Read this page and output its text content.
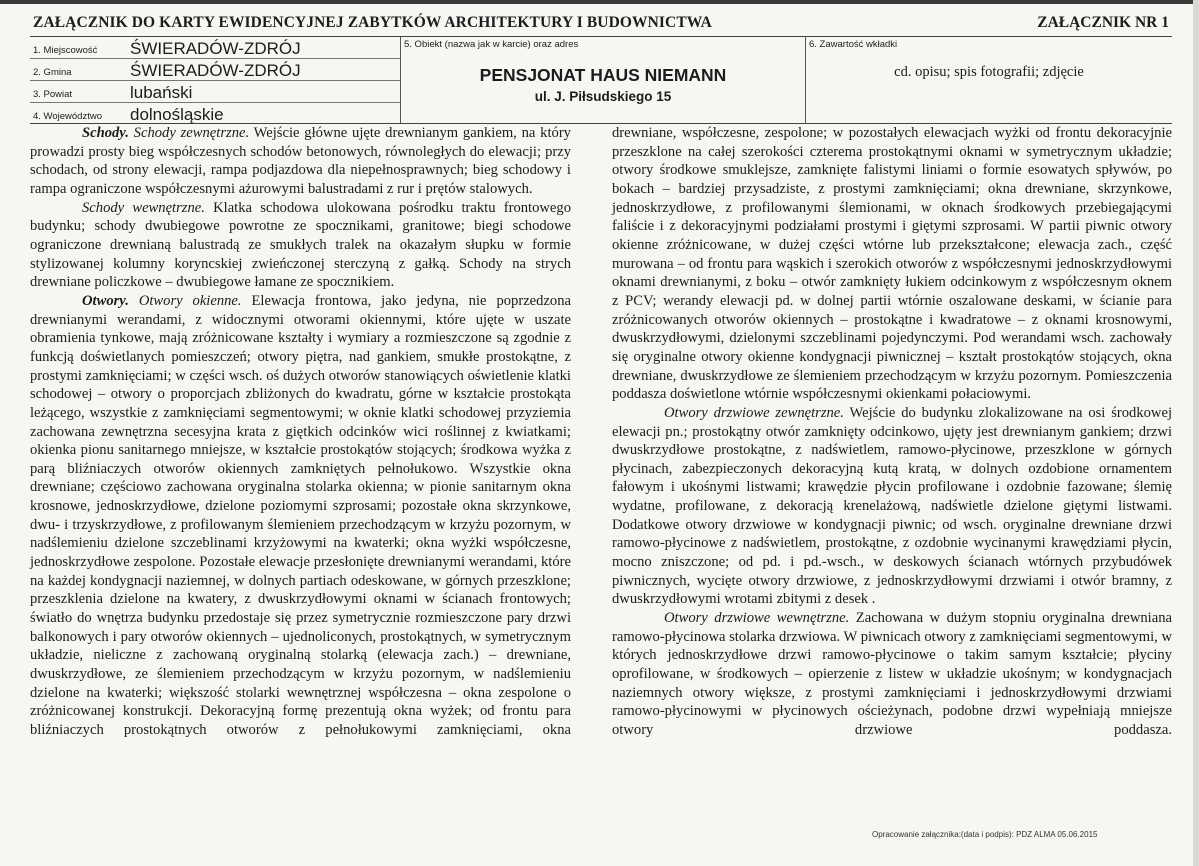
ZAŁĄCZNIK DO KARTY EWIDENCYJNEJ ZABYTKÓW ARCHITEKTURY I BUDOWNICTWA	ZAŁĄCZNIK NR 1
1. Miejscowość	ŚWIERADÓW-ZDRÓJ
2. Gmina	ŚWIERADÓW-ZDRÓJ
3. Powiat	lubański
4. Województwo	dolnośląskie
5. Obiekt (nazwa jak w karcie) oraz adres
PENSJONAT HAUS NIEMANN
ul. J. Piłsudskiego 15
6. Zawartość wkładki
cd. opisu; spis fotografii; zdjęcie

Schody. Schody zewnętrzne. Wejście główne ujęte drewnianym gankiem, na który prowadzi prosty bieg współczesnych schodów betonowych, równoległych do elewacji; przy schodach, od strony elewacji, rampa podjazdowa dla niepełnosprawnych; bieg schodowy i rampa ograniczone współczesnymi ażurowymi balustradami z rur i prętów stalowych.

Schody wewnętrzne. Klatka schodowa ulokowana pośrodku traktu frontowego budynku; schody dwubiegowe powrotne ze spocznikami, granitowe; biegi schodowe ograniczone drewnianą balustradą ze smukłych tralek na okazałym słupku w formie stylizowanej kolumny koryncskiej zwieńczonej sterczyną z gałką. Schody na strych drewniane policzkowe – dwubiegowe łamane ze spocznikiem.

Otwory. Otwory okienne. Elewacja frontowa, jako jedyna, nie poprzedzona drewnianymi werandami, z widocznymi otworami okiennymi, które ujęte w uszate obramienia tynkowe, mają zróżnicowane kształty i wymiary a rozmieszczone są zgodnie z funkcją doświetlanych pomieszczeń; otwory piętra, nad gankiem, smukłe prostokątne, z prostymi zamknięciami; w części wsch. oś dużych otworów stanowiących oświetlenie klatki schodowej – otwory o proporcjach zbliżonych do kwadratu, górne w kształcie prostokąta leżącego, wszystkie z zamknięciami segmentowymi; w oknie klatki schodowej przyziemia zachowana zewnętrzna secesyjna krata z giętkich odcinków wici roślinnej z kwiatkami; okienka pionu sanitarnego mniejsze, w kształcie prostokątów stojących; środkowa wyżka z parą bliźniaczych otworów okiennych zamkniętych pełnołukowo. Wszystkie okna drewniane; częściowo zachowana oryginalna stolarka okienna; w pionie sanitarnym okna krosnowe, jednoskrzydłowe, dzielone poziomymi szprosami; pozostałe okna skrzynkowe, dwu- i trzyskrzydłowe, z profilowanym ślemieniem przechodzącym w krzyżu pozornym, w nadślemieniu dzielone szczeblinami krzyżowymi na kwaterki; okna wyżki współczesne, jednoskrzydłowe zespolone. Pozostałe elewacje przesłonięte drewnianymi werandami, które na każdej kondygnacji naziemnej, w dolnych partiach odeskowane, w górnych przeszklone; przeszklenia dzielone na kwatery, z dwuskrzydłowymi oknami w ścianach frontowych; światło do wnętrza budynku przedostaje się przez symetrycznie rozmieszczone pary drzwi balkonowych i pary otworów okiennych – ujednoliconych, prostokątnych, w symetrycznym układzie, nieliczne z zachowaną oryginalną stolarką (elewacja zach.) – drewniane, dwuskrzydłowe, ze ślemieniem przechodzącym w krzyżu pozornym, w nadślemieniu dzielone na kwaterki; większość stolarki wewnętrznej współczesna – okna zespolone o zróżnicowanej konstrukcji. Dekoracyjną formę prezentują okna wyżek; od frontu para bliźniaczych prostokątnych otworów z pełnołukowymi zamknięciami, okna

drewniane, współczesne, zespolone; w pozostałych elewacjach wyżki od frontu dekoracyjnie przeszklone na całej szerokości czterema prostokątnymi oknami w symetrycznym układzie; otwory środkowe smuklejsze, zamknięte falistymi liniami o formie esowatych spływów, po bokach – bardziej przysadziste, z prostymi zamknięciami; okna drewniane, skrzynkowe, jednoskrzydłowe, z profilowanymi ślemionami, w oknach środkowych przebiegającymi faliście i z dekoracyjnymi podziałami prostymi i giętymi szprosami. W partii piwnic otwory okienne zróżnicowane, w dużej części wtórne lub przekształcone; elewacja zach., część murowana – od frontu para wąskich i szerokich otworów z współczesnymi jednoskrzydłowymi oknami drewnianymi, z boku – otwór zamknięty łukiem odcinkowym z współczesnym oknem z PCV; werandy elewacji pd. w dolnej partii wtórnie oszalowane deskami, w ścianie para zróżnicowanych otworów okiennych – prostokątne i kwadratowe – z oknami krosnowymi, dwuskrzydłowymi, dzielonymi szczeblinami pojedynczymi. Pod werandami wsch. zachowały się oryginalne otwory okienne kondygnacji piwnicznej – kształt prostokątów stojących, okna drewniane, dwuskrzydłowe ze ślemieniem przechodzącym w krzyżu pozornym. Pomieszczenia poddasza doświetlone wtórnie współczesnymi okienkami połaciowymi.

Otwory drzwiowe zewnętrzne. Wejście do budynku zlokalizowane na osi środkowej elewacji pn.; prostokątny otwór zamknięty odcinkowo, ujęty jest drewnianym gankiem; drzwi dwuskrzydłowe prostokątne, z nadświetlem, ramowo-płycinowe, przeszklone w górnych płycinach, zabezpieczonych dekoracyjną kutą kratą, w dolnych ozdobione ornamentem fałowym i ukośnymi listwami; krawędzie płycin profilowane i ozdobnie fazowane; ślemię wydatne, profilowane, z dekoracją krenelażową, nadświetle dzielone giętymi listwami. Dodatkowe otwory drzwiowe w kondygnacji piwnic; od wsch. oryginalne drewniane drzwi ramowo-płycinowe z nadświetlem, prostokątne, z ozdobnie wycinanymi krawędziami płycin, mocno zniszczone; od pd. i pd.-wsch., w deskowych ścianach wtórnych przybudówek piwnicznych, wycięte otwory drzwiowe, z jednoskrzydłowymi drzwiami i otwór bramny, z dwuskrzydłowymi wrotami zbitymi z desek .

Otwory drzwiowe wewnętrzne. Zachowana w dużym stopniu oryginalna drewniana ramowo-płycinowa stolarka drzwiowa. W piwnicach otwory z zamknięciami segmentowymi, w których jednoskrzydłowe drzwi ramowo-płycinowe o takim samym kształcie; płyciny oprofilowane, w środkowych – opierzenie z listew w układzie ukośnym; w kondygnacjach naziemnych otwory większe, z prostymi zamknięciami i jednoskrzydłowymi drzwiami ramowo-płycinowymi w płycinowych ościeżynach, podobne drzwi wypełniają mniejsze otwory drzwiowe poddasza.

Opracowanie załącznika:(data i podpis): PDZ ALMA 05.06.2015
